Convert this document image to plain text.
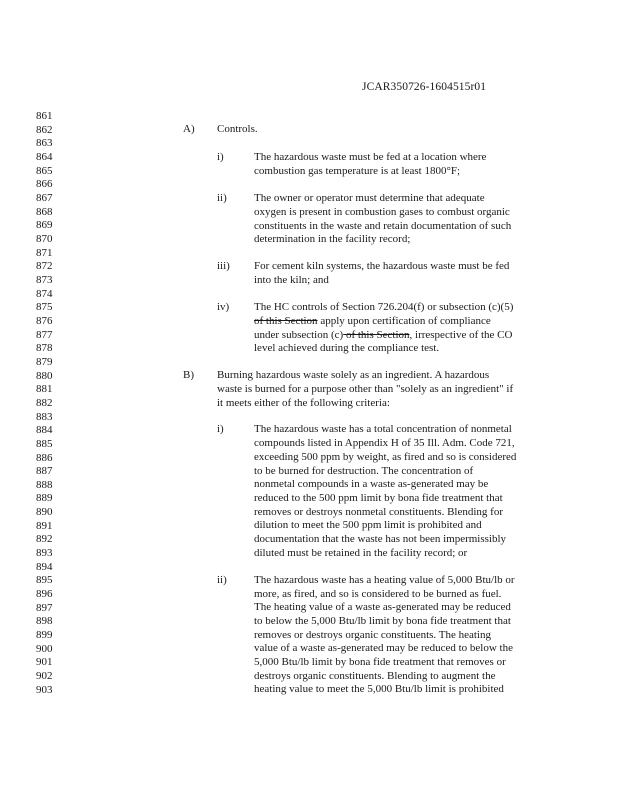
JCAR350726-1604515r01
861
862
863
864
865
866
867
868
869
870
871
872
873
874
875
876
877
878
879
880
881
882
883
884
885
886
887
888
889
890
891
892
893
894
895
896
897
898
899
900
901
902
903
A) Controls.
i)	The hazardous waste must be fed at a location where
combustion gas temperature is at least 1800°F;
ii) The owner or operator must determine that adequate
oxygen is present in combustion gases to combust organic
constituents in the waste and retain documentation of such
determination in the facility record;
iii) For cement kiln systems, the hazardous waste must be fed
into the kiln; and
iv) The HC controls of Section 726.204(f) or subsection (c)(5)
of this Section apply upon certification of compliance
under subsection (c) of this Section, irrespective of the CO
level achieved during the compliance test.
B) Burning hazardous waste solely as an ingredient. A hazardous
waste is burned for a purpose other than "solely as an ingredient" if
it meets either of the following criteria:
i)	The hazardous waste has a total concentration of nonmetal
compounds listed in Appendix H of 35 Ill. Adm. Code 721,
exceeding 500 ppm by weight, as fired and so is considered
to be burned for destruction. The concentration of
nonmetal compounds in a waste as-generated may be
reduced to the 500 ppm limit by bona fide treatment that
removes or destroys nonmetal constituents. Blending for
dilution to meet the 500 ppm limit is prohibited and
documentation that the waste has not been impermissibly
diluted must be retained in the facility record; or
ii) The hazardous waste has a heating value of 5,000 Btu/lb or
more, as fired, and so is considered to be burned as fuel.
The heating value of a waste as-generated may be reduced
to below the 5,000 Btu/lb limit by bona fide treatment that
removes or destroys organic constituents. The heating
value of a waste as-generated may be reduced to below the
5,000 Btu/lb limit by bona fide treatment that removes or
destroys organic constituents. Blending to augment the
heating value to meet the 5,000 Btu/lb limit is prohibited
